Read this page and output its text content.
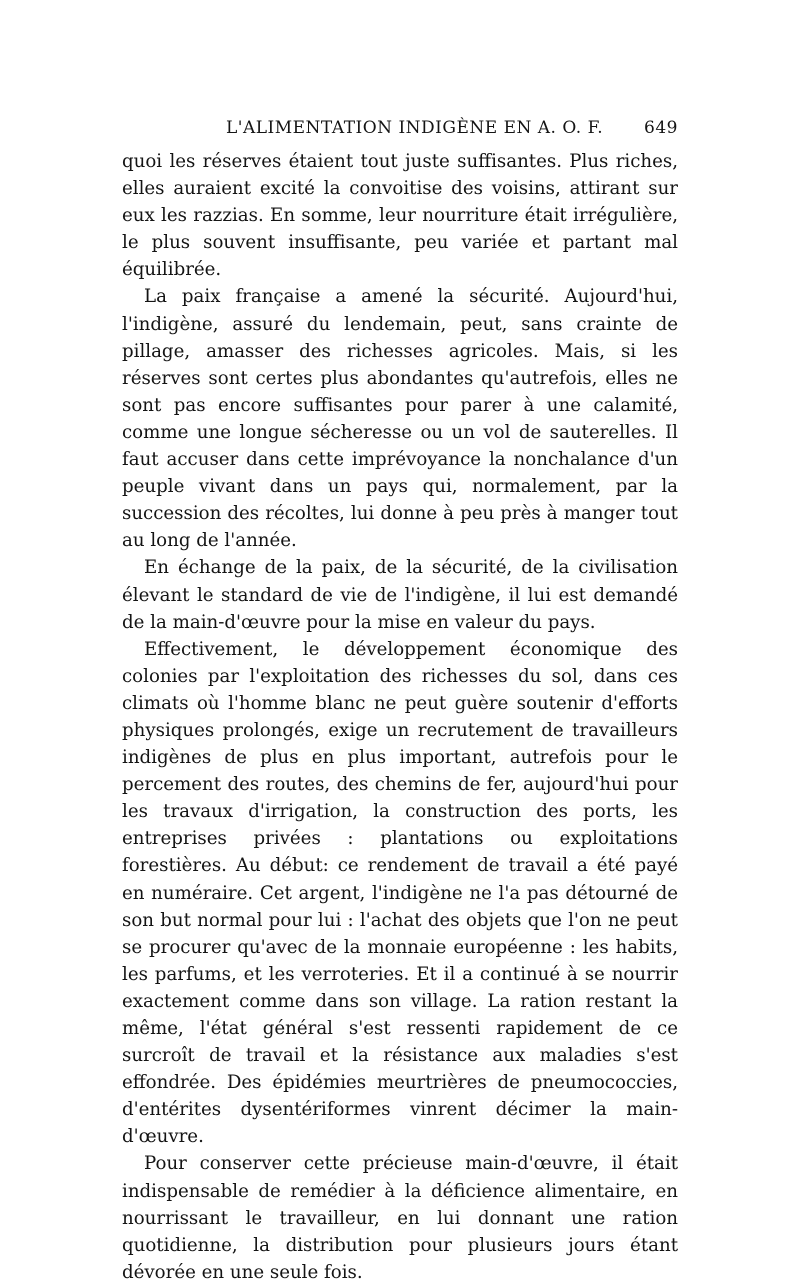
L'ALIMENTATION INDIGÈNE EN A. O. F. 649

quoi les réserves étaient tout juste suffisantes. Plus riches, elles auraient excité la convoitise des voisins, attirant sur eux les razzias. En somme, leur nourriture était irrégulière, le plus souvent insuffisante, peu variée et partant mal équilibrée.

La paix française a amené la sécurité. Aujourd'hui, l'indigène, assuré du lendemain, peut, sans crainte de pillage, amasser des richesses agricoles. Mais, si les réserves sont certes plus abondantes qu'autrefois, elles ne sont pas encore suffisantes pour parer à une calamité, comme une longue sécheresse ou un vol de sauterelles. Il faut accuser dans cette imprévoyance la nonchalance d'un peuple vivant dans un pays qui, normalement, par la succession des récoltes, lui donne à peu près à manger tout au long de l'année.

En échange de la paix, de la sécurité, de la civilisation élevant le standard de vie de l'indigène, il lui est demandé de la main-d'œuvre pour la mise en valeur du pays.

Effectivement, le développement économique des colonies par l'exploitation des richesses du sol, dans ces climats où l'homme blanc ne peut guère soutenir d'efforts physiques prolongés, exige un recrutement de travailleurs indigènes de plus en plus important, autrefois pour le percement des routes, des chemins de fer, aujourd'hui pour les travaux d'irrigation, la construction des ports, les entreprises privées : plantations ou exploitations forestières. Au début: ce rendement de travail a été payé en numéraire. Cet argent, l'indigène ne l'a pas détourné de son but normal pour lui : l'achat des objets que l'on ne peut se procurer qu'avec de la monnaie européenne : les habits, les parfums, et les verroteries. Et il a continué à se nourrir exactement comme dans son village. La ration restant la même, l'état général s'est ressenti rapidement de ce surcroît de travail et la résistance aux maladies s'est effondrée. Des épidémies meurtrières de pneumococcies, d'entérites dysentériformes vinrent décimer la main-d'œuvre.

Pour conserver cette précieuse main-d'œuvre, il était indispensable de remédier à la déficience alimentaire, en nourrissant le travailleur, en lui donnant une ration quotidienne, la distribution pour plusieurs jours étant dévorée en une seule fois.
